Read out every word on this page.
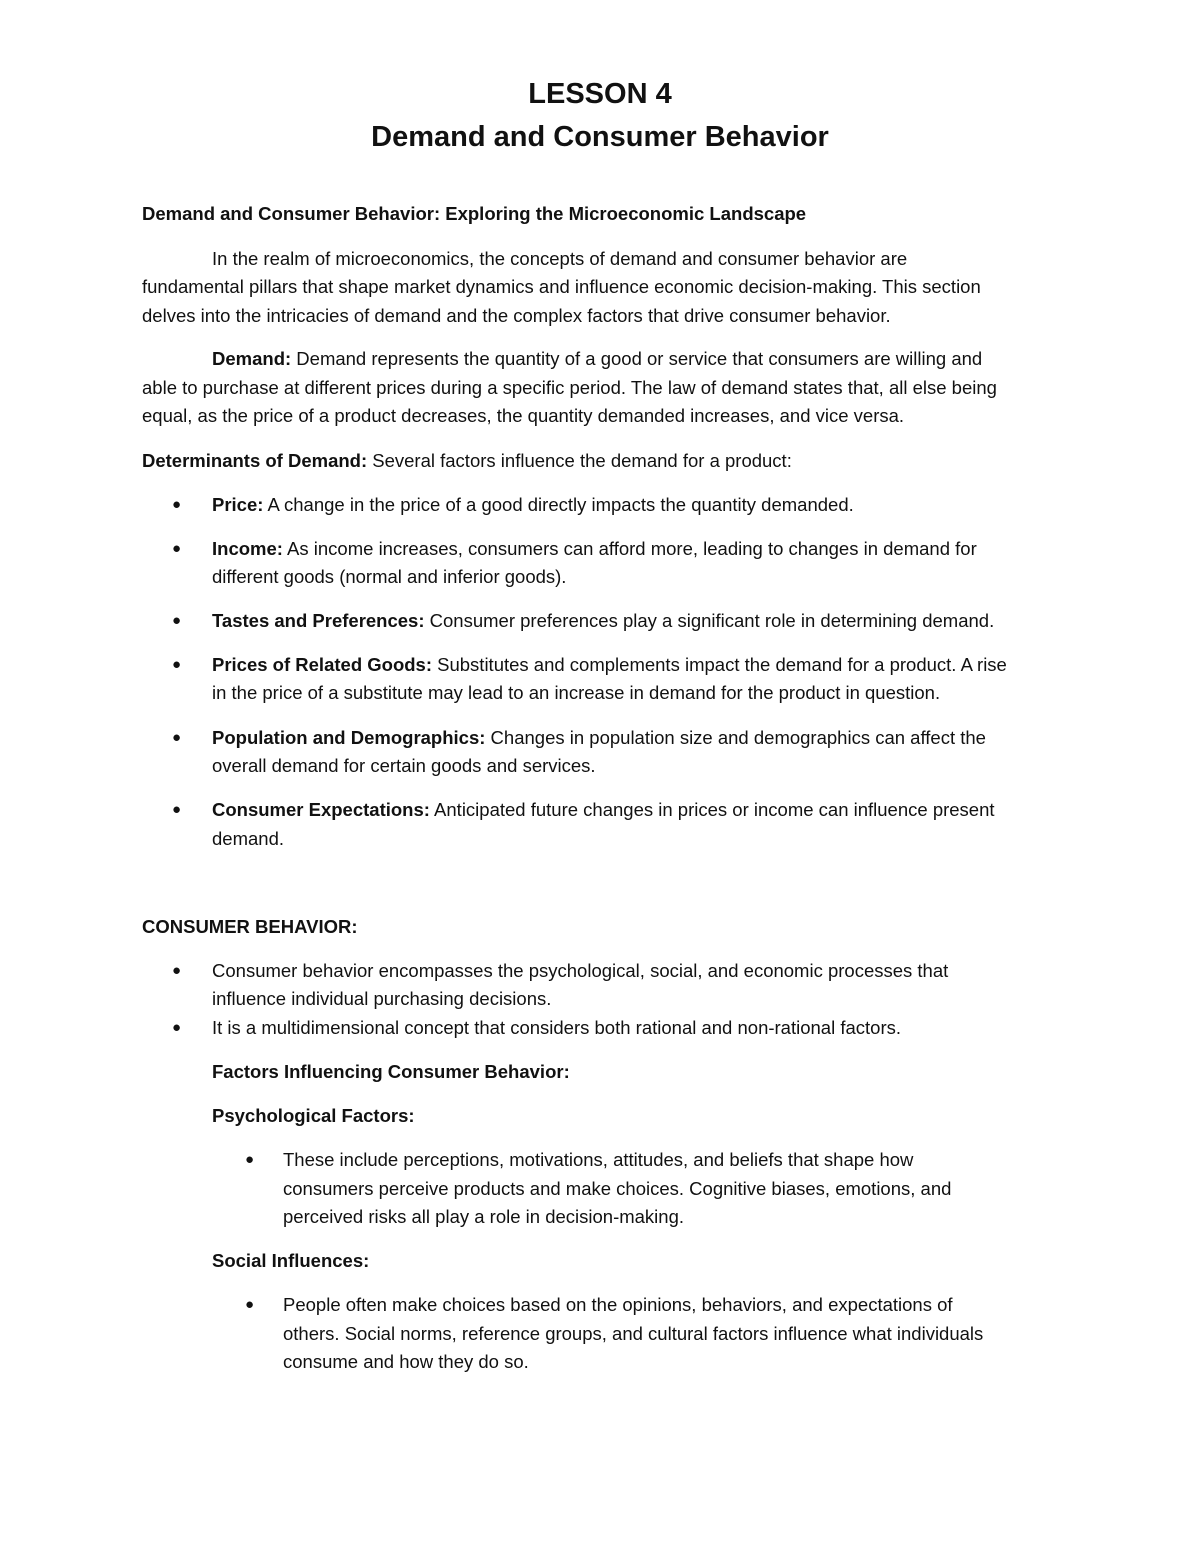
LESSON 4
Demand and Consumer Behavior
Demand and Consumer Behavior: Exploring the Microeconomic Landscape
In the realm of microeconomics, the concepts of demand and consumer behavior are
fundamental pillars that shape market dynamics and influence economic decision-making. This section
delves into the intricacies of demand and the complex factors that drive consumer behavior.
Demand: Demand represents the quantity of a good or service that consumers are willing and
able to purchase at different prices during a specific period. The law of demand states that, all else being
equal, as the price of a product decreases, the quantity demanded increases, and vice versa.
Determinants of Demand: Several factors influence the demand for a product:
● Price: A change in the price of a good directly impacts the quantity demanded.
● Income: As income increases, consumers can afford more, leading to changes in demand for
different goods (normal and inferior goods).
● Tastes and Preferences: Consumer preferences play a significant role in determining demand.
● Prices of Related Goods: Substitutes and complements impact the demand for a product. A rise
in the price of a substitute may lead to an increase in demand for the product in question.
● Population and Demographics: Changes in population size and demographics can affect the
overall demand for certain goods and services.
● Consumer Expectations: Anticipated future changes in prices or income can influence present
demand.
CONSUMER BEHAVIOR:
● Consumer behavior encompasses the psychological, social, and economic processes that
influence individual purchasing decisions.
● It is a multidimensional concept that considers both rational and non-rational factors.
Factors Influencing Consumer Behavior:
Psychological Factors:
● These include perceptions, motivations, attitudes, and beliefs that shape how
consumers perceive products and make choices. Cognitive biases, emotions, and
perceived risks all play a role in decision-making.
Social Influences:
● People often make choices based on the opinions, behaviors, and expectations of
others. Social norms, reference groups, and cultural factors influence what individuals
consume and how they do so.
